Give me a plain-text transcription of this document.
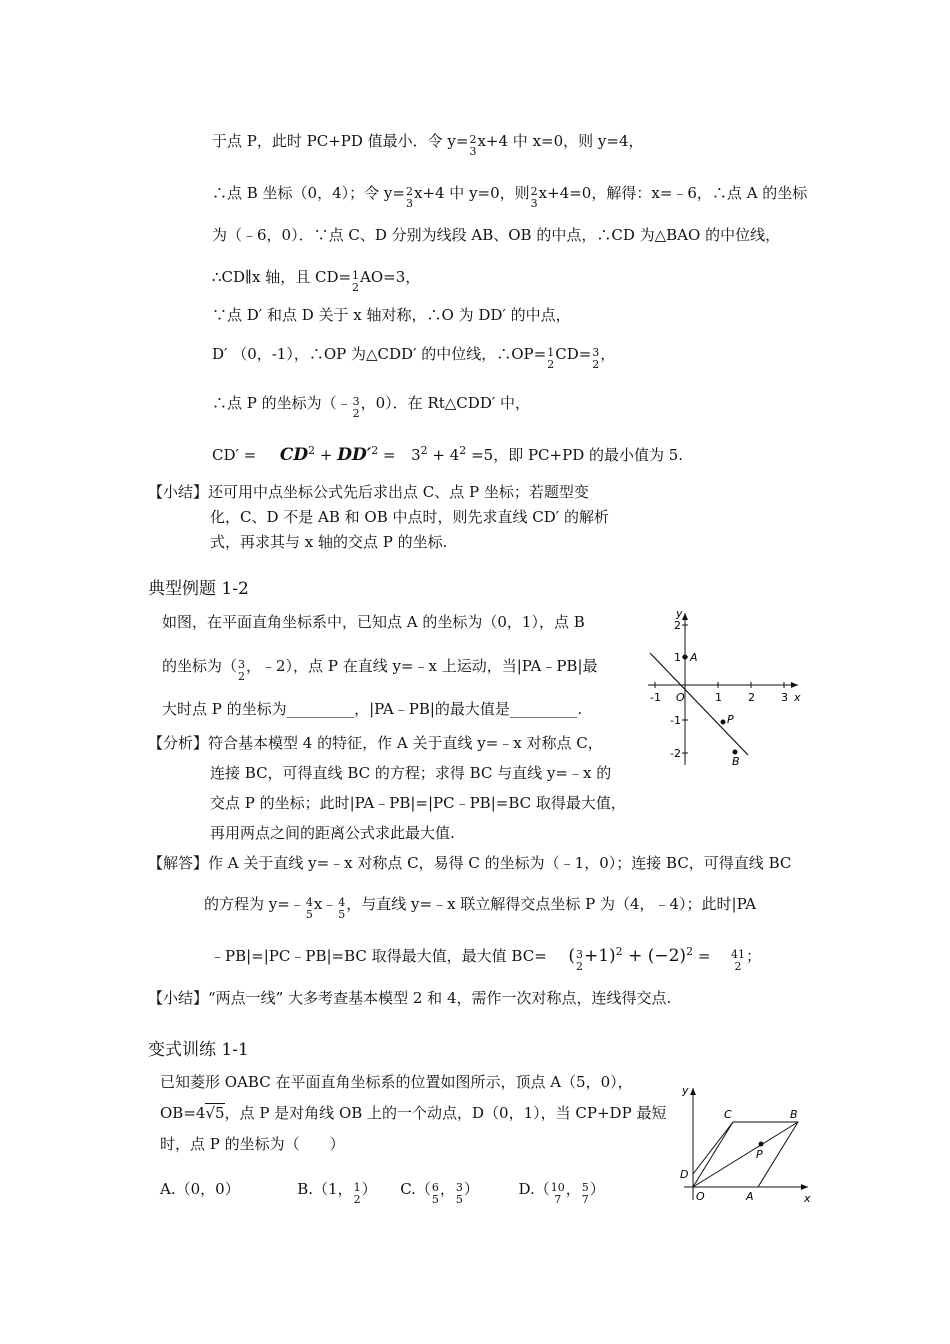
于点 P，此时 PC+PD 值最小．令 y= 2
3
x+4 中 x=0，则 y=4，
∴点 B 坐标（0，4）；令 y= 2
3
x+4 中 y=0，则 2
3
x+4=0，解得：x=﹣6，∴点 A 的坐标
为（﹣6，0）．∵点 C、D 分别为线段 AB、OB 的中点，∴CD 为△BAO 的中位线，
∴CD∥x 轴，且 CD= 1
2
AO=3，
∵点 D′ 和点 D 关于 x 轴对称，∴O 为 DD′ 的中点，
D′ （0，-1），∴OP 为△CDD′ 的中位线，∴OP= 1
2
CD= 3
2
，
∴点 P 的坐标为（﹣ 3
2
，0）．在 Rt△CDD′ 中，
$CD' = CD^2 + DD'^2 = 3^2 + 4^2 =5$，即 PC+PD 的最小值为 5.
【小结】还可用中点坐标公式先后求出点 C、点 P 坐标；若题型变
化，C、D 不是 AB 和 OB 中点时，则先求直线 CD′ 的解析
式，再求其与 x 轴的交点 P 的坐标.
典型例题 1-2
如图，在平面直角坐标系中，已知点 A 的坐标为（0，1），点 B
的坐标为（ 3
2
，﹣2），点 P 在直线 y=﹣x 上运动，当|PA﹣PB|最
大时点 P 的坐标为_________，|PA﹣PB|的最大值是_________.
【分析】符合基本模型 4 的特征，作 A 关于直线 y=﹣x 对称点 C，
连接 BC，可得直线 BC 的方程；求得 BC 与直线 y=﹣x 的
交点 P 的坐标；此时|PA﹣PB|=|PC﹣PB|=BC 取得最大值，
再用两点之间的距离公式求此最大值.
【解答】作 A 关于直线 y=﹣x 对称点 C，易得 C 的坐标为（﹣1，0）；连接 BC，可得直线 BC
的方程为 y=﹣ 4
5
x﹣ 4
5
，与直线 y=﹣x 联立解得交点坐标 P 为（4，﹣4）；此时|PA
﹣PB|=|PC﹣PB|=BC 取得最大值，最大值 BC= ( 3
2
$+1)^2 + (-2)^2 = 41$
2
；
【小结】“两点一线” 大多考查基本模型 2 和 4，需作一次对称点，连线得交点.
变式训练 1-1
已知菱形 OABC 在平面直角坐标系的位置如图所示，顶点 A（5，0），
OB=4√5，点 P 是对角线 OB 上的一个动点，D（0，1），当 CP+DP 最短
时，点 P 的坐标为（　　）
A.（0，0）	B.（1， 1
2
） C.（ 6
5
， 3
5
）	D.（ 10
7
， 5
7
）
-1	1 2 3
2
1
-1
-2
O	x
y
A
P
B
y
x
O	A
B
C
D
P
